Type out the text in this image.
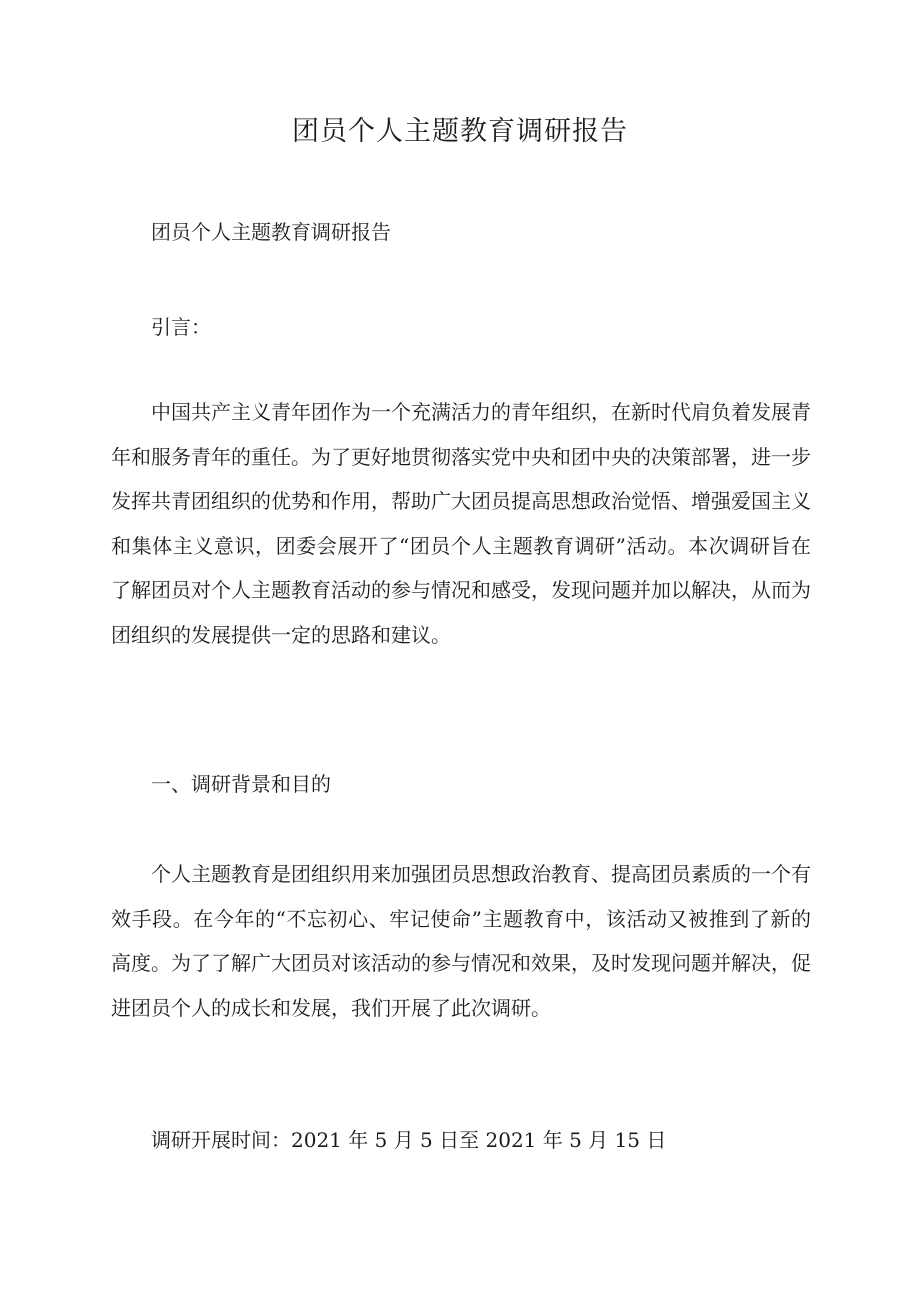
团员个人主题教育调研报告

团员个人主题教育调研报告

引言：

中国共产主义青年团作为一个充满活力的青年组织，在新时代肩负着发展青年和服务青年的重任。为了更好地贯彻落实党中央和团中央的决策部署，进一步发挥共青团组织的优势和作用，帮助广大团员提高思想政治觉悟、增强爱国主义和集体主义意识，团委会展开了“团员个人主题教育调研”活动。本次调研旨在了解团员对个人主题教育活动的参与情况和感受，发现问题并加以解决，从而为团组织的发展提供一定的思路和建议。

一、调研背景和目的

个人主题教育是团组织用来加强团员思想政治教育、提高团员素质的一个有效手段。在今年的“不忘初心、牢记使命”主题教育中，该活动又被推到了新的高度。为了了解广大团员对该活动的参与情况和效果，及时发现问题并解决，促进团员个人的成长和发展，我们开展了此次调研。

调研开展时间：2021 年 5 月 5 日至 2021 年 5 月 15 日
